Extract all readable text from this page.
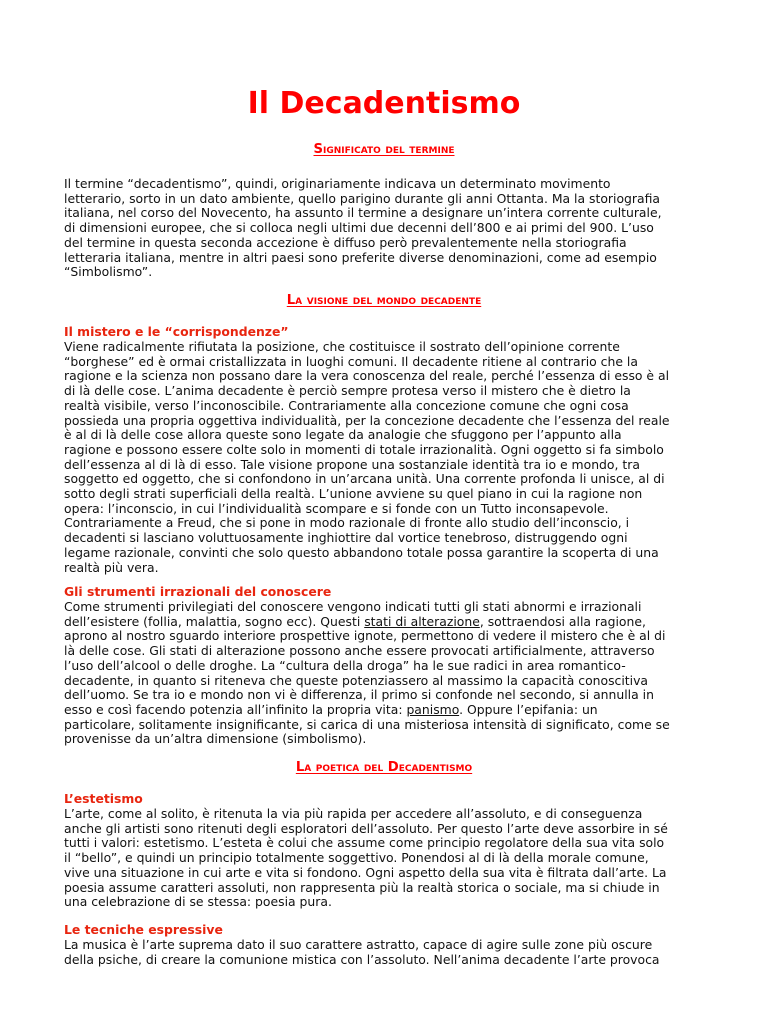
Il Decadentismo
Significato del termine
Il termine “decadentismo”, quindi, originariamente indicava un determinato movimento
letterario, sorto in un dato ambiente, quello parigino durante gli anni Ottanta. Ma la storiografia
italiana, nel corso del Novecento, ha assunto il termine a designare un’intera corrente culturale,
di dimensioni europee, che si colloca negli ultimi due decenni dell’800 e ai primi del 900. L’uso
del termine in questa seconda accezione è diffuso però prevalentemente nella storiografia
letteraria italiana, mentre in altri paesi sono preferite diverse denominazioni, come ad esempio
“Simbolismo”.
La visione del mondo decadente
Il mistero e le “corrispondenze”
Viene radicalmente rifiutata la posizione, che costituisce il sostrato dell’opinione corrente
“borghese” ed è ormai cristallizzata in luoghi comuni. Il decadente ritiene al contrario che la
ragione e la scienza non possano dare la vera conoscenza del reale, perché l’essenza di esso è al
di là delle cose. L’anima decadente è perciò sempre protesa verso il mistero che è dietro la
realtà visibile, verso l’inconoscibile. Contrariamente alla concezione comune che ogni cosa
possieda una propria oggettiva individualità, per la concezione decadente che l’essenza del reale
è al di là delle cose allora queste sono legate da analogie che sfuggono per l’appunto alla
ragione e possono essere colte solo in momenti di totale irrazionalità. Ogni oggetto si fa simbolo
dell’essenza al di là di esso. Tale visione propone una sostanziale identità tra io e mondo, tra
soggetto ed oggetto, che si confondono in un’arcana unità. Una corrente profonda li unisce, al di
sotto degli strati superficiali della realtà. L’unione avviene su quel piano in cui la ragione non
opera: l’inconscio, in cui l’individualità scompare e si fonde con un Tutto inconsapevole.
Contrariamente a Freud, che si pone in modo razionale di fronte allo studio dell’inconscio, i
decadenti si lasciano voluttuosamente inghiottire dal vortice tenebroso, distruggendo ogni
legame razionale, convinti che solo questo abbandono totale possa garantire la scoperta di una
realtà più vera.
Gli strumenti irrazionali del conoscere
Come strumenti privilegiati del conoscere vengono indicati tutti gli stati abnormi e irrazionali
dell’esistere (follia, malattia, sogno ecc). Questi stati di alterazione, sottraendosi alla ragione,
aprono al nostro sguardo interiore prospettive ignote, permettono di vedere il mistero che è al di
là delle cose. Gli stati di alterazione possono anche essere provocati artificialmente, attraverso
l’uso dell’alcool o delle droghe. La “cultura della droga” ha le sue radici in area romantico-
decadente, in quanto si riteneva che queste potenziassero al massimo la capacità conoscitiva
dell’uomo. Se tra io e mondo non vi è differenza, il primo si confonde nel secondo, si annulla in
esso e così facendo potenzia all’infinito la propria vita: panismo. Oppure l’epifania: un
particolare, solitamente insignificante, si carica di una misteriosa intensità di significato, come se
provenisse da un’altra dimensione (simbolismo).
La poetica del Decadentismo
L’estetismo
L’arte, come al solito, è ritenuta la via più rapida per accedere all’assoluto, e di conseguenza
anche gli artisti sono ritenuti degli esploratori dell’assoluto. Per questo l’arte deve assorbire in sé
tutti i valori: estetismo. L’esteta è colui che assume come principio regolatore della sua vita solo
il “bello”, e quindi un principio totalmente soggettivo. Ponendosi al di là della morale comune,
vive una situazione in cui arte e vita si fondono. Ogni aspetto della sua vita è filtrata dall’arte. La
poesia assume caratteri assoluti, non rappresenta più la realtà storica o sociale, ma si chiude in
una celebrazione di se stessa: poesia pura.
Le tecniche espressive
La musica è l’arte suprema dato il suo carattere astratto, capace di agire sulle zone più oscure
della psiche, di creare la comunione mistica con l’assoluto. Nell’anima decadente l’arte provoca
